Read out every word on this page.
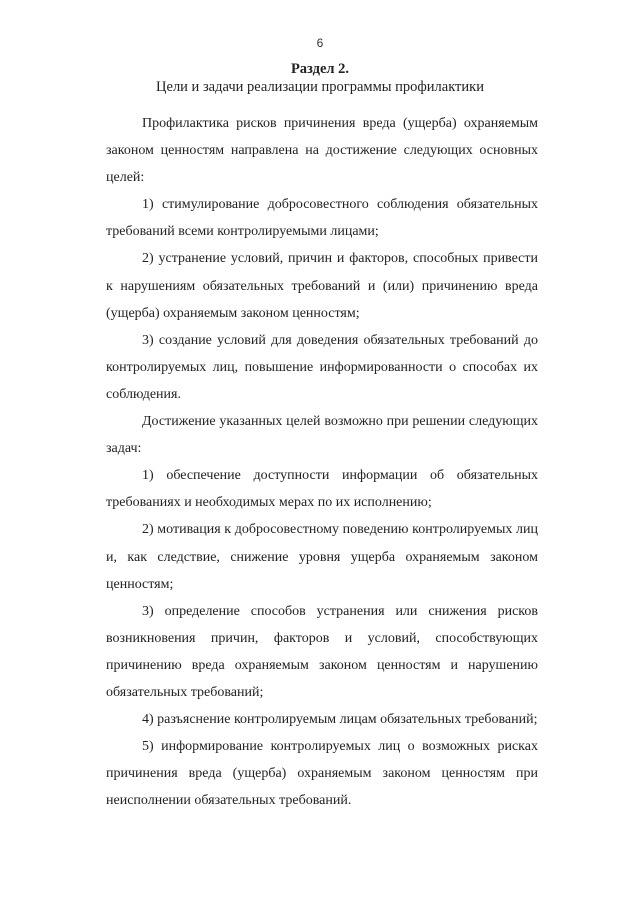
6
Раздел 2.
Цели и задачи реализации программы профилактики

Профилактика рисков причинения вреда (ущерба) охраняемым законом ценностям направлена на достижение следующих основных целей:

1) стимулирование добросовестного соблюдения обязательных требований всеми контролируемыми лицами;

2) устранение условий, причин и факторов, способных привести к нарушениям обязательных требований и (или) причинению вреда (ущерба) охраняемым законом ценностям;

3) создание условий для доведения обязательных требований до контролируемых лиц, повышение информированности о способах их соблюдения.

Достижение указанных целей возможно при решении следующих задач:

1) обеспечение доступности информации об обязательных требованиях и необходимых мерах по их исполнению;

2) мотивация к добросовестному поведению контролируемых лиц и, как следствие, снижение уровня ущерба охраняемым законом ценностям;

3) определение способов устранения или снижения рисков возникновения причин, факторов и условий, способствующих причинению вреда охраняемым законом ценностям и нарушению обязательных требований;

4) разъяснение контролируемым лицам обязательных требований;

5) информирование контролируемых лиц о возможных рисках причинения вреда (ущерба) охраняемым законом ценностям при неисполнении обязательных требований.
